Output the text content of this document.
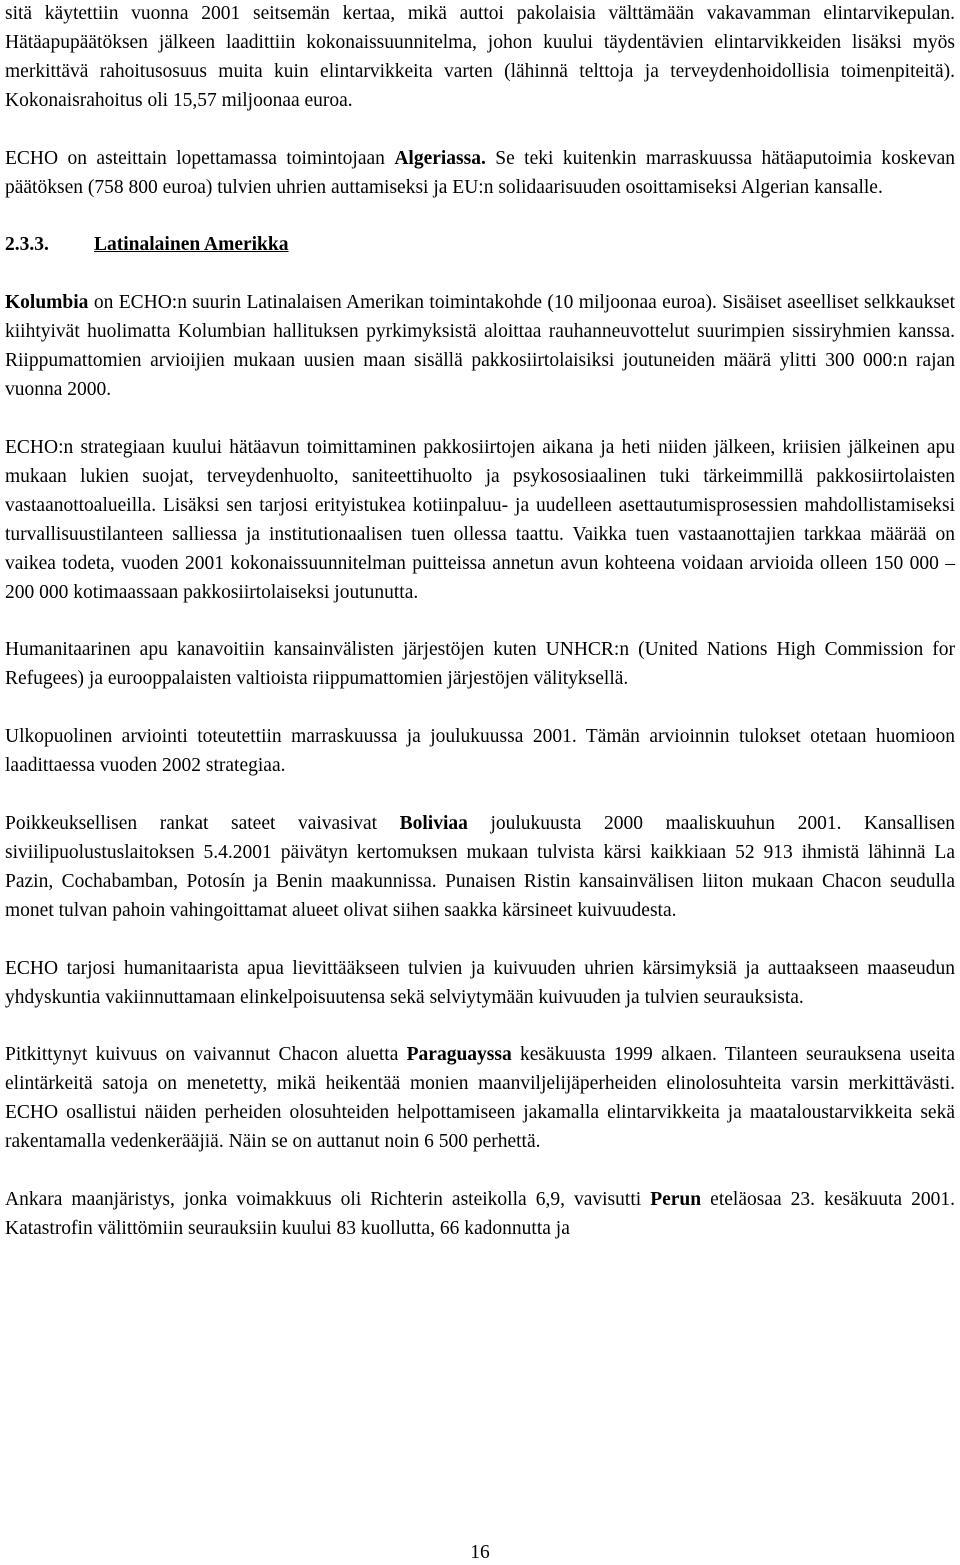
sitä käytettiin vuonna 2001 seitsemän kertaa, mikä auttoi pakolaisia välttämään vakavamman elintarvikepulan. Hätäapupäätöksen jälkeen laadittiin kokonaissuunnitelma, johon kuului täydentävien elintarvikkeiden lisäksi myös merkittävä rahoitusosuus muita kuin elintarvikkeita varten (lähinnä telttoja ja terveydenhoidollisia toimenpiteitä). Kokonaisrahoitus oli 15,57 miljoonaa euroa.

ECHO on asteittain lopettamassa toimintojaan Algeriassa. Se teki kuitenkin marraskuussa hätäaputoimia koskevan päätöksen (758 800 euroa) tulvien uhrien auttamiseksi ja EU:n solidaarisuuden osoittamiseksi Algerian kansalle.

2.3.3. Latinalainen Amerikka

Kolumbia on ECHO:n suurin Latinalaisen Amerikan toimintakohde (10 miljoonaa euroa). Sisäiset aseelliset selkkaukset kiihtyivät huolimatta Kolumbian hallituksen pyrkimyksistä aloittaa rauhanneuvottelut suurimpien sissiryhmien kanssa. Riippumattomien arvioijien mukaan uusien maan sisällä pakkosiirtolaisiksi joutuneiden määrä ylitti 300 000:n rajan vuonna 2000.

ECHO:n strategiaan kuului hätäavun toimittaminen pakkosiirtojen aikana ja heti niiden jälkeen, kriisien jälkeinen apu mukaan lukien suojat, terveydenhuolto, saniteettihuolto ja psykososiaalinen tuki tärkeimmillä pakkosiirtolaisten vastaanottoalueilla. Lisäksi sen tarjosi erityistukea kotiinpaluu- ja uudelleen asettautumisprosessien mahdollistamiseksi turvallisuustilanteen salliessa ja institutionaalisen tuen ollessa taattu. Vaikka tuen vastaanottajien tarkkaa määrää on vaikea todeta, vuoden 2001 kokonaissuunnitelman puitteissa annetun avun kohteena voidaan arvioida olleen 150 000 – 200 000 kotimaassaan pakkosiirtolaiseksi joutunutta.

Humanitaarinen apu kanavoitiin kansainvälisten järjestöjen kuten UNHCR:n (United Nations High Commission for Refugees) ja eurooppalaisten valtioista riippumattomien järjestöjen välityksellä.

Ulkopuolinen arviointi toteutettiin marraskuussa ja joulukuussa 2001. Tämän arvioinnin tulokset otetaan huomioon laadittaessa vuoden 2002 strategiaa.

Poikkeuksellisen rankat sateet vaivasivat Boliviaa joulukuusta 2000 maaliskuuhun 2001. Kansallisen siviilipuolustuslaitoksen 5.4.2001 päivätyn kertomuksen mukaan tulvista kärsi kaikkiaan 52 913 ihmistä lähinnä La Pazin, Cochabamban, Potosín ja Benin maakunnissa. Punaisen Ristin kansainvälisen liiton mukaan Chacon seudulla monet tulvan pahoin vahingoittamat alueet olivat siihen saakka kärsineet kuivuudesta.

ECHO tarjosi humanitaarista apua lievittääkseen tulvien ja kuivuuden uhrien kärsimyksiä ja auttaakseen maaseudun yhdyskuntia vakiinnuttamaan elinkelpoisuutensa sekä selviytymään kuivuuden ja tulvien seurauksista.

Pitkittynyt kuivuus on vaivannut Chacon aluetta Paraguayssa kesäkuusta 1999 alkaen. Tilanteen seurauksena useita elintärkeitä satoja on menetetty, mikä heikentää monien maanviljelijäperheiden elinolosuhteita varsin merkittävästi. ECHO osallistui näiden perheiden olosuhteiden helpottamiseen jakamalla elintarvikkeita ja maataloustarvikkeita sekä rakentamalla vedenkerääjiä. Näin se on auttanut noin 6 500 perhettä.

Ankara maanjäristys, jonka voimakkuus oli Richterin asteikolla 6,9, vavisutti Perun eteläosaa 23. kesäkuuta 2001. Katastrofin välittömiin seurauksiin kuului 83 kuollutta, 66 kadonnutta ja

16
